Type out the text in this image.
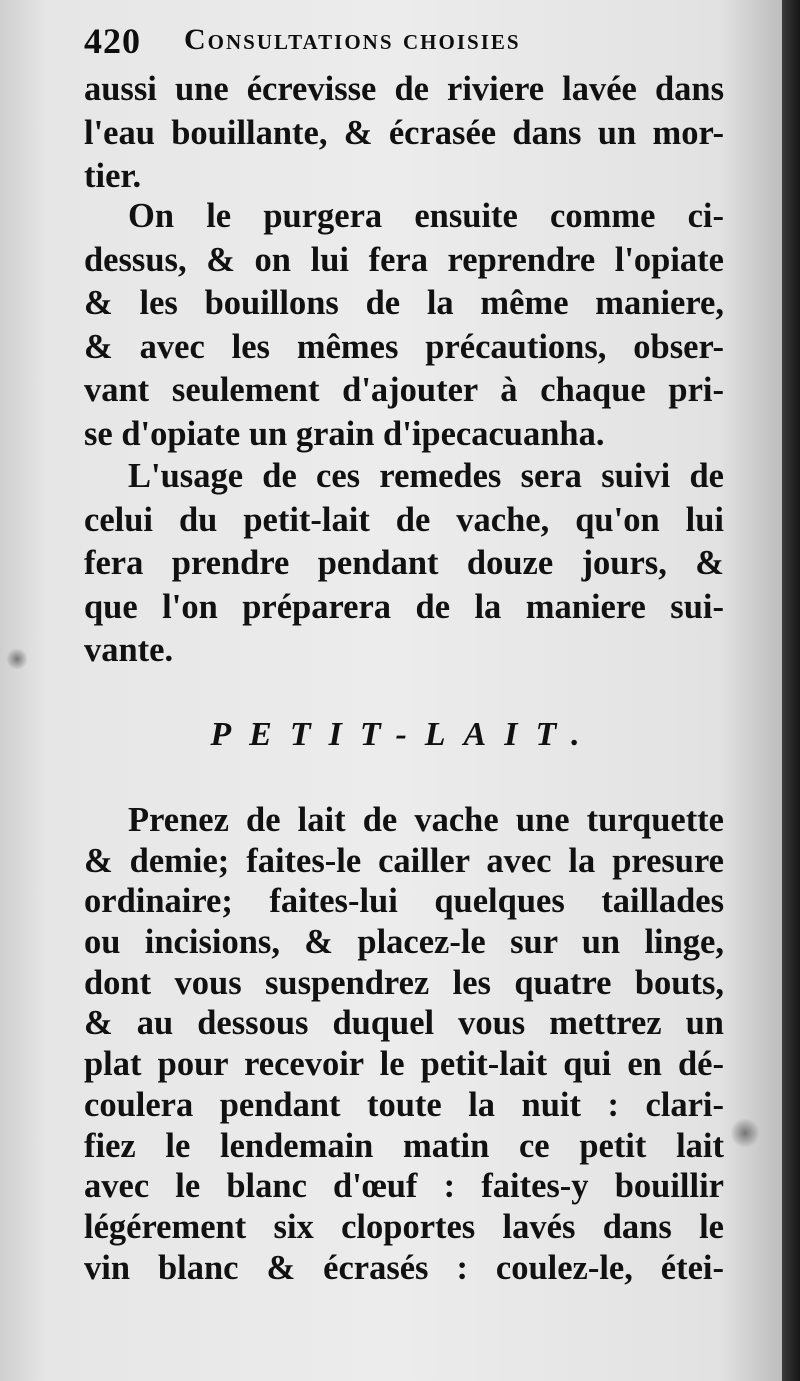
420 Consultations choisies
aussi une écrevisse de riviere lavée dans
l'eau bouillante, & écrasée dans un mor-
tier.
On le purgera ensuite comme ci-
dessus, & on lui fera reprendre l'opiate
& les bouillons de la même maniere,
& avec les mêmes précautions, obser-
vant seulement d'ajouter à chaque pri-
se d'opiate un grain d'ipecacuanha.
L'usage de ces remedes sera suivi de
celui du petit-lait de vache, qu'on lui
fera prendre pendant douze jours, &
que l'on préparera de la maniere sui-
vante.
PETIT-LAIT.
Prenez de lait de vache une turquette
& demie; faites-le cailler avec la presure
ordinaire; faites-lui quelques taillades
ou incisions, & placez-le sur un linge,
dont vous suspendrez les quatre bouts,
& au dessous duquel vous mettrez un
plat pour recevoir le petit-lait qui en dé-
coulera pendant toute la nuit : clari-
fiez le lendemain matin ce petit lait
avec le blanc d'œuf : faites-y bouillir
légérement six cloportes lavés dans le
vin blanc & écrasés : coulez-le, étei-
